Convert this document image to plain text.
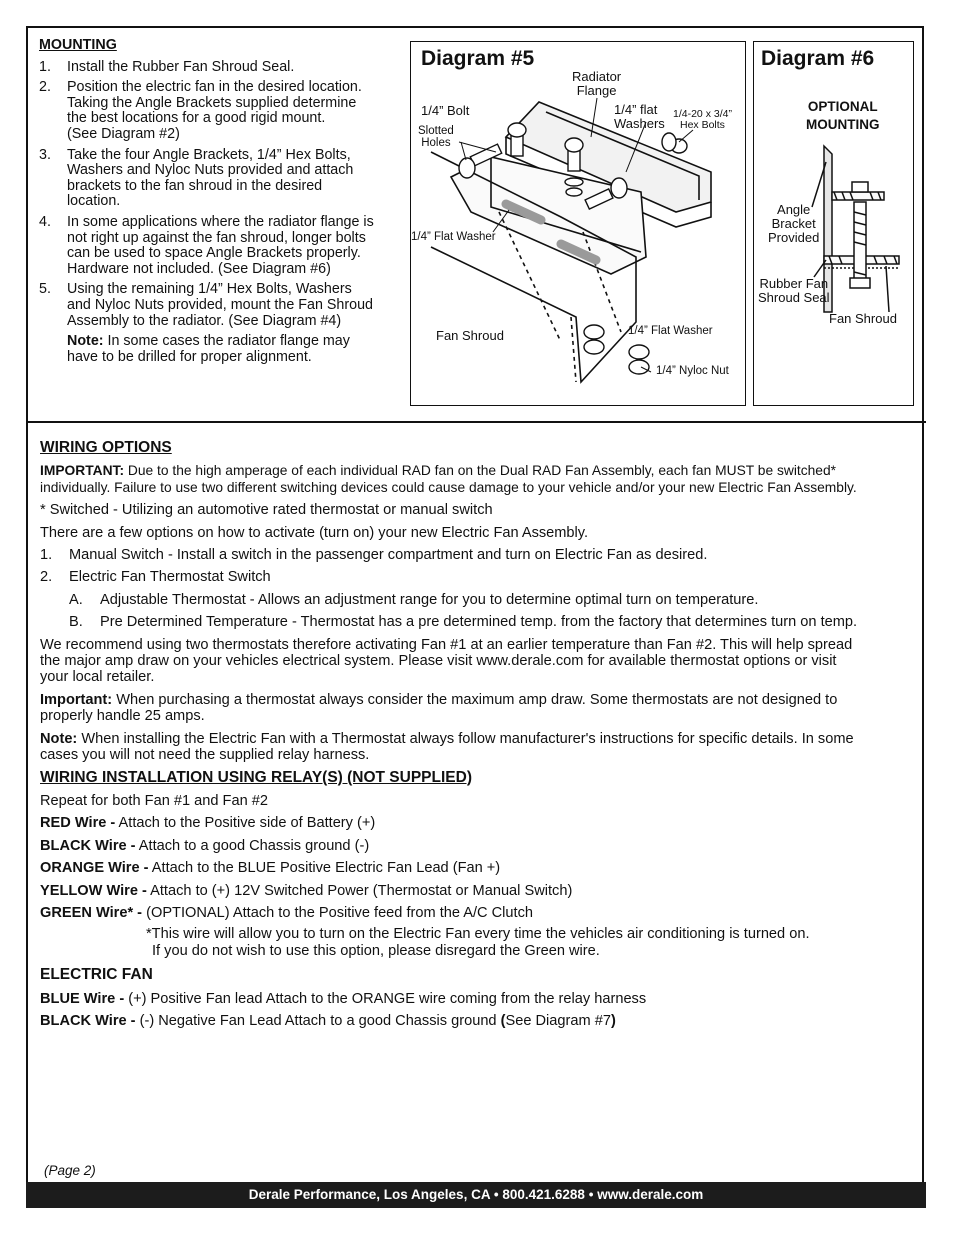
MOUNTING
1. Install the Rubber Fan Shroud Seal.
2. Position the electric fan in the desired location.
Taking the Angle Brackets supplied determine
the best locations for a good rigid mount.
(See Diagram #2)
3. Take the four Angle Brackets, 1/4” Hex Bolts,
Washers and Nyloc Nuts provided and attach
brackets to the fan shroud in the desired
location.
4. In some applications where the radiator flange is
not right up against the fan shroud, longer bolts
can be used to space Angle Brackets properly.
Hardware not included. (See Diagram #6)
5. Using the remaining 1/4” Hex Bolts, Washers
and Nyloc Nuts provided, mount the Fan Shroud
Assembly to the radiator. (See Diagram #4)
Note: In some cases the radiator flange may
have to be drilled for proper alignment.
Diagram #5
Radiator
Flange
1/4” Bolt	1/4” flat
Washers
1/4-20 x 3/4”
Hex Bolts
Slotted
Holes
1/4” Flat Washer
Fan Shroud	1/4” Flat Washer
1/4” Nyloc Nut
Diagram #6
OPTIONAL
MOUNTING
Angle
Bracket
Provided
Rubber Fan
Shroud Seal
Fan Shroud
WIRING OPTIONS

IMPORTANT: Due to the high amperage of each individual RAD fan on the Dual RAD Fan Assembly, each fan MUST be switched*
individually. Failure to use two different switching devices could cause damage to your vehicle and/or your new Electric Fan Assembly.

* Switched - Utilizing an automotive rated thermostat or manual switch

There are a few options on how to activate (turn on) your new Electric Fan Assembly.

1. Manual Switch - Install a switch in the passenger compartment and turn on Electric Fan as desired.

2. Electric Fan Thermostat Switch

A. Adjustable Thermostat - Allows an adjustment range for you to determine optimal turn on temperature.

B. Pre Determined Temperature - Thermostat has a pre determined temp. from the factory that determines turn on temp.

We recommend using two thermostats therefore activating Fan #1 at an earlier temperature than Fan #2. This will help spread
the major amp draw on your vehicles electrical system. Please visit www.derale.com for available thermostat options or visit
your local retailer.

Important: When purchasing a thermostat always consider the maximum amp draw. Some thermostats are not designed to
properly handle 25 amps.

Note: When installing the Electric Fan with a Thermostat always follow manufacturer's instructions for specific details. In some
cases you will not need the supplied relay harness.

WIRING INSTALLATION USING RELAY(S) (NOT SUPPLIED)

Repeat for both Fan #1 and Fan #2

RED Wire - Attach to the Positive side of Battery (+)

BLACK Wire - Attach to a good Chassis ground (-)

ORANGE Wire - Attach to the BLUE Positive Electric Fan Lead (Fan +)

YELLOW Wire - Attach to (+) 12V Switched Power (Thermostat or Manual Switch)

GREEN Wire* - (OPTIONAL) Attach to the Positive feed from the A/C Clutch

*This wire will allow you to turn on the Electric Fan every time the vehicles air conditioning is turned on.
If you do not wish to use this option, please disregard the Green wire.

ELECTRIC FAN

BLUE Wire - (+) Positive Fan lead Attach to the ORANGE wire coming from the relay harness

BLACK Wire - (-) Negative Fan Lead Attach to a good Chassis ground (See Diagram #7)

(Page 2)
Derale Performance, Los Angeles, CA • 800.421.6288 • www.derale.com
